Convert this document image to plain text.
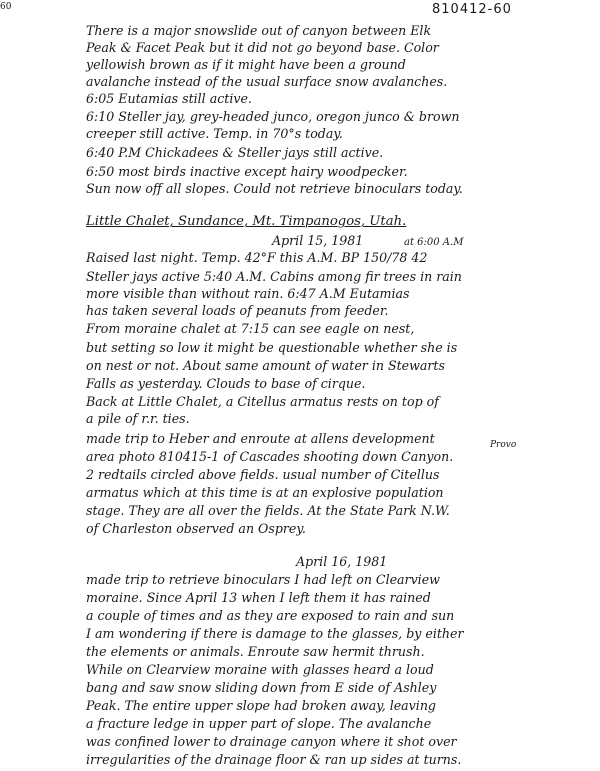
60	810412-60
There is a major snowslide out of canyon between Elk
Peak & Facet Peak but it did not go beyond base. Color
yellowish brown as if it might have been a ground
avalanche instead of the usual surface snow avalanches.
6:05 Eutamias still active.
6:10 Steller jay, grey-headed junco, oregon junco & brown
creeper still active. Temp. in 70°s today.
6:40 P.M Chickadees & Steller jays still active.
6:50 most birds inactive except hairy woodpecker.
Sun now off all slopes. Could not retrieve binoculars today.
Little Chalet, Sundance, Mt. Timpanogos, Utah.
April 15, 1981	at 6:00 A.M
Raised last night. Temp. 42°F this A.M. BP 150/78 42
Steller jays active 5:40 A.M. Cabins among fir trees in rain
more visible than without rain. 6:47 A.M Eutamias
has taken several loads of peanuts from feeder.
From moraine chalet at 7:15 can see eagle on nest,
but setting so low it might be questionable whether she is
on nest or not. About same amount of water in Stewarts
Falls as yesterday. Clouds to base of cirque.
Back at Little Chalet, a Citellus armatus rests on top of
a pile of r.r. ties.
made trip to Heber and enroute at allens development	Provo
area photo 810415-1 of Cascades shooting down Canyon.
2 redtails circled above fields. usual number of Citellus
armatus which at this time is at an explosive population
stage. They are all over the fields. At the State Park N.W.
of Charleston observed an Osprey.
April 16, 1981
made trip to retrieve binoculars I had left on Clearview
moraine. Since April 13 when I left them it has rained
a couple of times and as they are exposed to rain and sun
I am wondering if there is damage to the glasses, by either
the elements or animals. Enroute saw hermit thrush.
While on Clearview moraine with glasses heard a loud
bang and saw snow sliding down from E side of Ashley
Peak. The entire upper slope had broken away, leaving
a fracture ledge in upper part of slope. The avalanche
was confined lower to drainage canyon where it shot over
irregularities of the drainage floor & ran up sides at turns.
